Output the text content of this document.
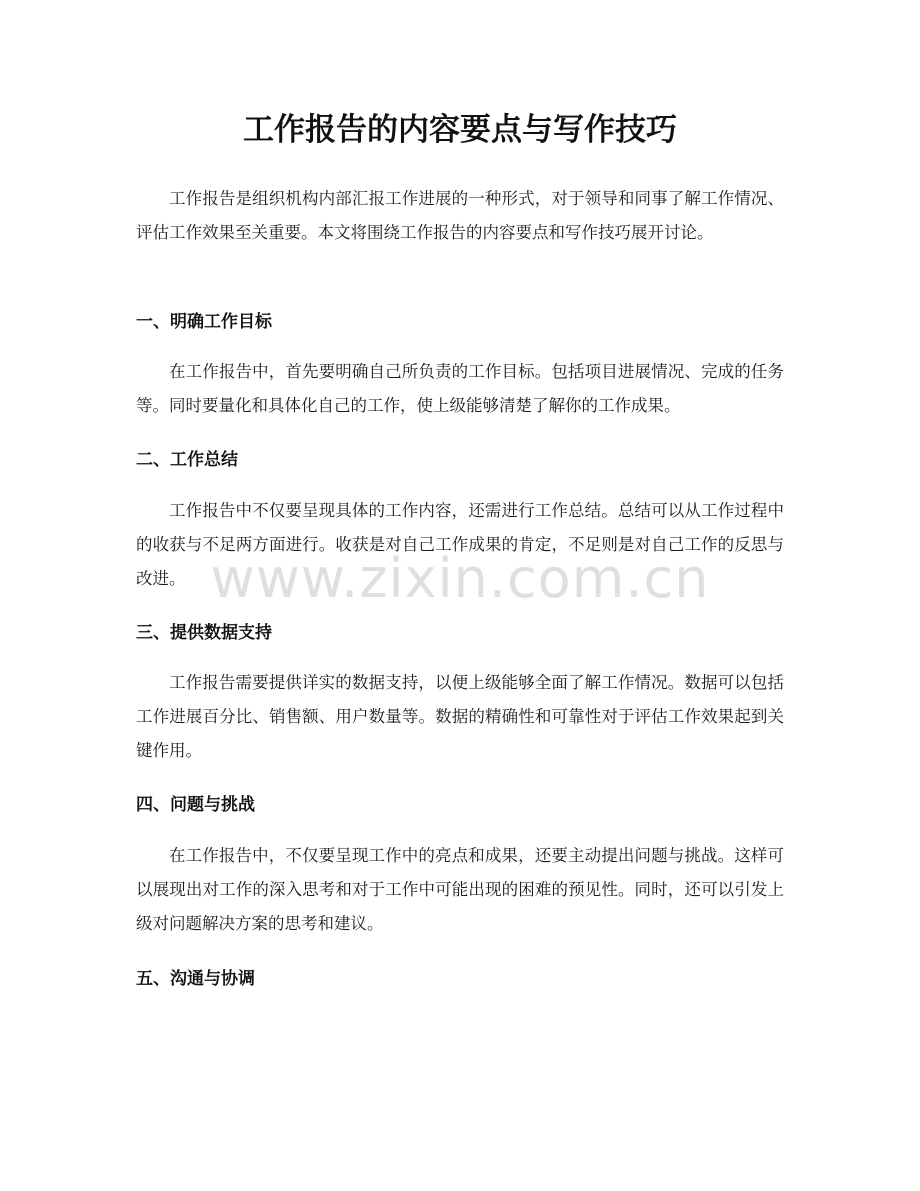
工作报告的内容要点与写作技巧

工作报告是组织机构内部汇报工作进展的一种形式，对于领导和同事了解工作情况、评估工作效果至关重要。本文将围绕工作报告的内容要点和写作技巧展开讨论。

一、明确工作目标

在工作报告中，首先要明确自己所负责的工作目标。包括项目进展情况、完成的任务等。同时要量化和具体化自己的工作，使上级能够清楚了解你的工作成果。

二、工作总结

工作报告中不仅要呈现具体的工作内容，还需进行工作总结。总结可以从工作过程中的收获与不足两方面进行。收获是对自己工作成果的肯定，不足则是对自己工作的反思与改进。

三、提供数据支持

工作报告需要提供详实的数据支持，以便上级能够全面了解工作情况。数据可以包括工作进展百分比、销售额、用户数量等。数据的精确性和可靠性对于评估工作效果起到关键作用。

四、问题与挑战

在工作报告中，不仅要呈现工作中的亮点和成果，还要主动提出问题与挑战。这样可以展现出对工作的深入思考和对于工作中可能出现的困难的预见性。同时，还可以引发上级对问题解决方案的思考和建议。

五、沟通与协调
www.zixin.com.cn
